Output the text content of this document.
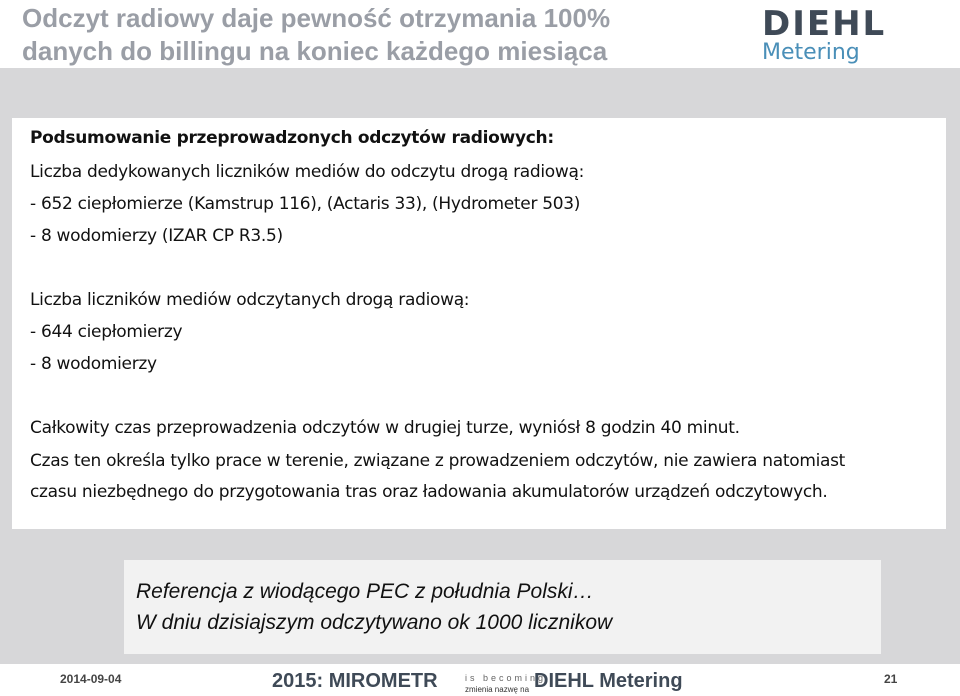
Odczyt radiowy daje pewność otrzymania 100%
danych do billingu na koniec każdego miesiąca
DIEHL
Metering

Podsumowanie przeprowadzonych odczytów radiowych:

Liczba dedykowanych liczników mediów do odczytu drogą radiową:

- 652 ciepłomierze (Kamstrup 116), (Actaris 33), (Hydrometer 503)

- 8 wodomierzy (IZAR CP R3.5)

Liczba liczników mediów odczytanych drogą radiową:

- 644 ciepłomierzy

- 8 wodomierzy

Całkowity czas przeprowadzenia odczytów w drugiej turze, wyniósł 8 godzin 40 minut.

Czas ten określa tylko prace w terenie, związane z prowadzeniem odczytów, nie zawiera natomiast

czasu niezbędnego do przygotowania tras oraz ładowania akumulatorów urządzeń odczytowych.

Referencja z wiodącego PEC z południa Polski…
W dniu dzisiajszym odczytywano ok 1000 licznikow
2014-09-04	2015: MIROMETR	is becoming
zmienia nazwę na DIEHL Metering	21
